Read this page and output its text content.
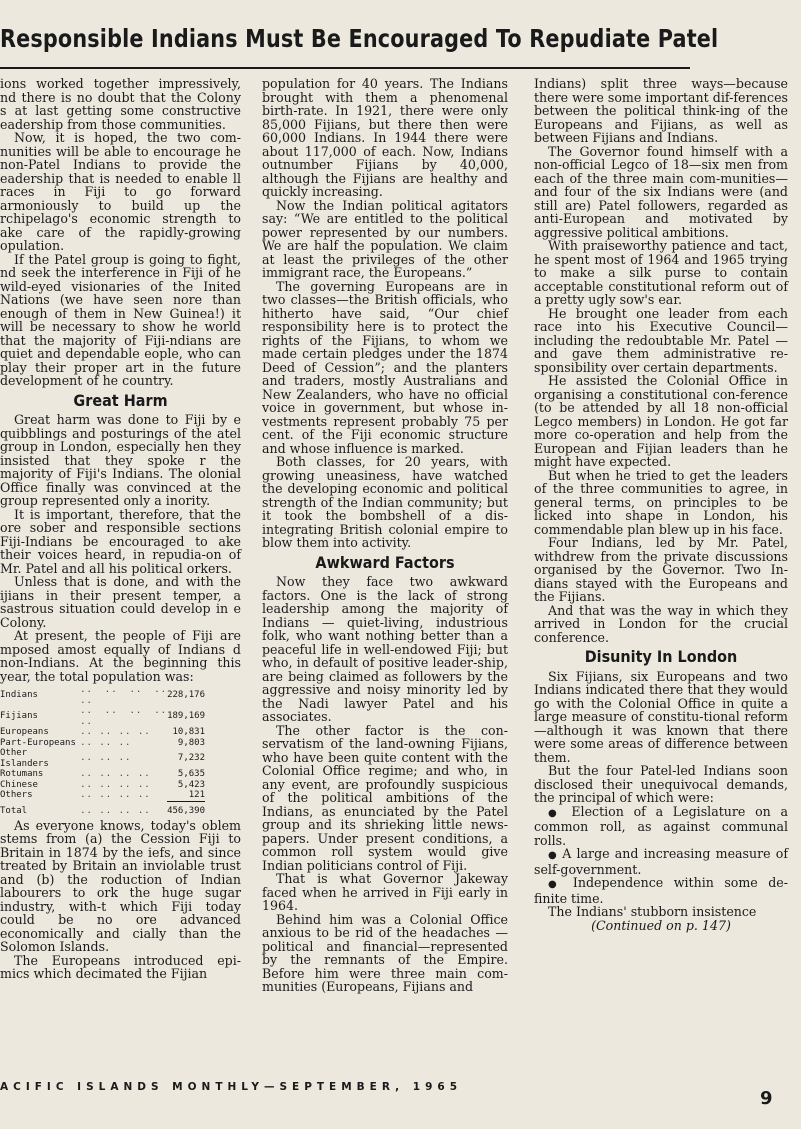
Responsible Indians Must Be Encouraged To Repudiate Patel

ions worked together impressively, nd there is no doubt that the Colony s at last getting some constructive eadership from those communities.

Now, it is hoped, the two com-nunities will be able to encourage he non-Patel Indians to provide the eadership that is needed to enable ll races in Fiji to go forward armoniously to build up the rchipelago's economic strength to ake care of the rapidly-growing opulation.

If the Patel group is going to fight, nd seek the interference in Fiji of he wild-eyed visionaries of the Inited Nations (we have seen nore than enough of them in New Guinea!) it will be necessary to show he world that the majority of Fiji-ndians are quiet and dependable eople, who can play their proper art in the future development of he country.

Great Harm

Great harm was done to Fiji by e quibblings and posturings of the atel group in London, especially hen they insisted that they spoke r the majority of Fiji's Indians. The olonial Office finally was convinced at the group represented only a inority.

It is important, therefore, that the ore sober and responsible sections Fiji-Indians be encouraged to ake their voices heard, in repudia-on of Mr. Patel and all his political orkers.

Unless that is done, and with the ijians in their present temper, a sastrous situation could develop in e Colony.

At present, the people of Fiji are mposed amost equally of Indians d non-Indians. At the beginning this year, the total population was:

Indians	.. .. .. .. ..	228,176
Fijians	.. .. .. .. ..	189,169
Europeans	.. .. .. ..	10,831
Part-Europeans	.. .. ..	9,803
Other Islanders	.. .. ..	7,232
Rotumans	.. .. .. ..	5,635
Chinese	.. .. .. ..	5,423
Others	.. .. .. ..	121

Total	.. .. .. ..	456,390

As everyone knows, today's oblem stems from (a) the Cession Fiji to Britain in 1874 by the iefs, and since treated by Britain an inviolable trust and (b) the roduction of Indian labourers to ork the huge sugar industry, with-t which Fiji today could be no ore advanced economically and cially than the Solomon Islands.

The Europeans introduced epi-mics which decimated the Fijian

population for 40 years. The Indians brought with them a phenomenal birth-rate. In 1921, there were only 85,000 Fijians, but there then were 60,000 Indians. In 1944 there were about 117,000 of each. Now, Indians outnumber Fijians by 40,000, although the Fijians are healthy and quickly increasing.

Now the Indian political agitators say: “We are entitled to the political power represented by our numbers. We are half the population. We claim at least the privileges of the other immigrant race, the Europeans.”

The governing Europeans are in two classes—the British officials, who hitherto have said, “Our chief responsibility here is to protect the rights of the Fijians, to whom we made certain pledges under the 1874 Deed of Cession”; and the planters and traders, mostly Australians and New Zealanders, who have no official voice in government, but whose in-vestments represent probably 75 per cent. of the Fiji economic structure and whose influence is marked.

Both classes, for 20 years, with growing uneasiness, have watched the developing economic and political strength of the Indian community; but it took the bombshell of a dis-integrating British colonial empire to blow them into activity.

Awkward Factors

Now they face two awkward factors. One is the lack of strong leadership among the majority of Indians — quiet-living, industrious folk, who want nothing better than a peaceful life in well-endowed Fiji; but who, in default of positive leader-ship, are being claimed as followers by the aggressive and noisy minority led by the Nadi lawyer Patel and his associates.

The other factor is the con-servatism of the land-owning Fijians, who have been quite content with the Colonial Office regime; and who, in any event, are profoundly suspicious of the political ambitions of the Indians, as enunciated by the Patel group and its shrieking little news-papers. Under present conditions, a common roll system would give Indian politicians control of Fiji.

That is what Governor Jakeway faced when he arrived in Fiji early in 1964.

Behind him was a Colonial Office anxious to be rid of the headaches —political and financial—represented by the remnants of the Empire. Before him were three main com-munities (Europeans, Fijians and

Indians) split three ways—because there were some important dif-ferences between the political think-ing of the Europeans and Fijians, as well as between Fijians and Indians.

The Governor found himself with a non-official Legco of 18—six men from each of the three main com-munities—and four of the six Indians were (and still are) Patel followers, regarded as anti-European and motivated by aggressive political ambitions.

With praiseworthy patience and tact, he spent most of 1964 and 1965 trying to make a silk purse to contain acceptable constitutional reform out of a pretty ugly sow's ear.

He brought one leader from each race into his Executive Council—including the redoubtable Mr. Patel —and gave them administrative re-sponsibility over certain departments.

He assisted the Colonial Office in organising a constitutional con-ference (to be attended by all 18 non-official Legco members) in London. He got far more co-operation and help from the European and Fijian leaders than he might have expected.

But when he tried to get the leaders of the three communities to agree, in general terms, on principles to be licked into shape in London, his commendable plan blew up in his face.

Four Indians, led by Mr. Patel, withdrew from the private discussions organised by the Governor. Two In-dians stayed with the Europeans and the Fijians.

And that was the way in which they arrived in London for the crucial conference.

Disunity In London

Six Fijians, six Europeans and two Indians indicated there that they would go with the Colonial Office in quite a large measure of constitu-tional reform—although it was known that there were some areas of difference between them.

But the four Patel-led Indians soon disclosed their unequivocal demands, the principal of which were:

● Election of a Legislature on a common roll, as against communal rolls.
● A large and increasing measure of self-government.
● Independence within some de-finite time.

The Indians' stubborn insistence

(Continued on p. 147)

ACIFIC ISLANDS MONTHLY—SEPTEMBER, 1965
9
